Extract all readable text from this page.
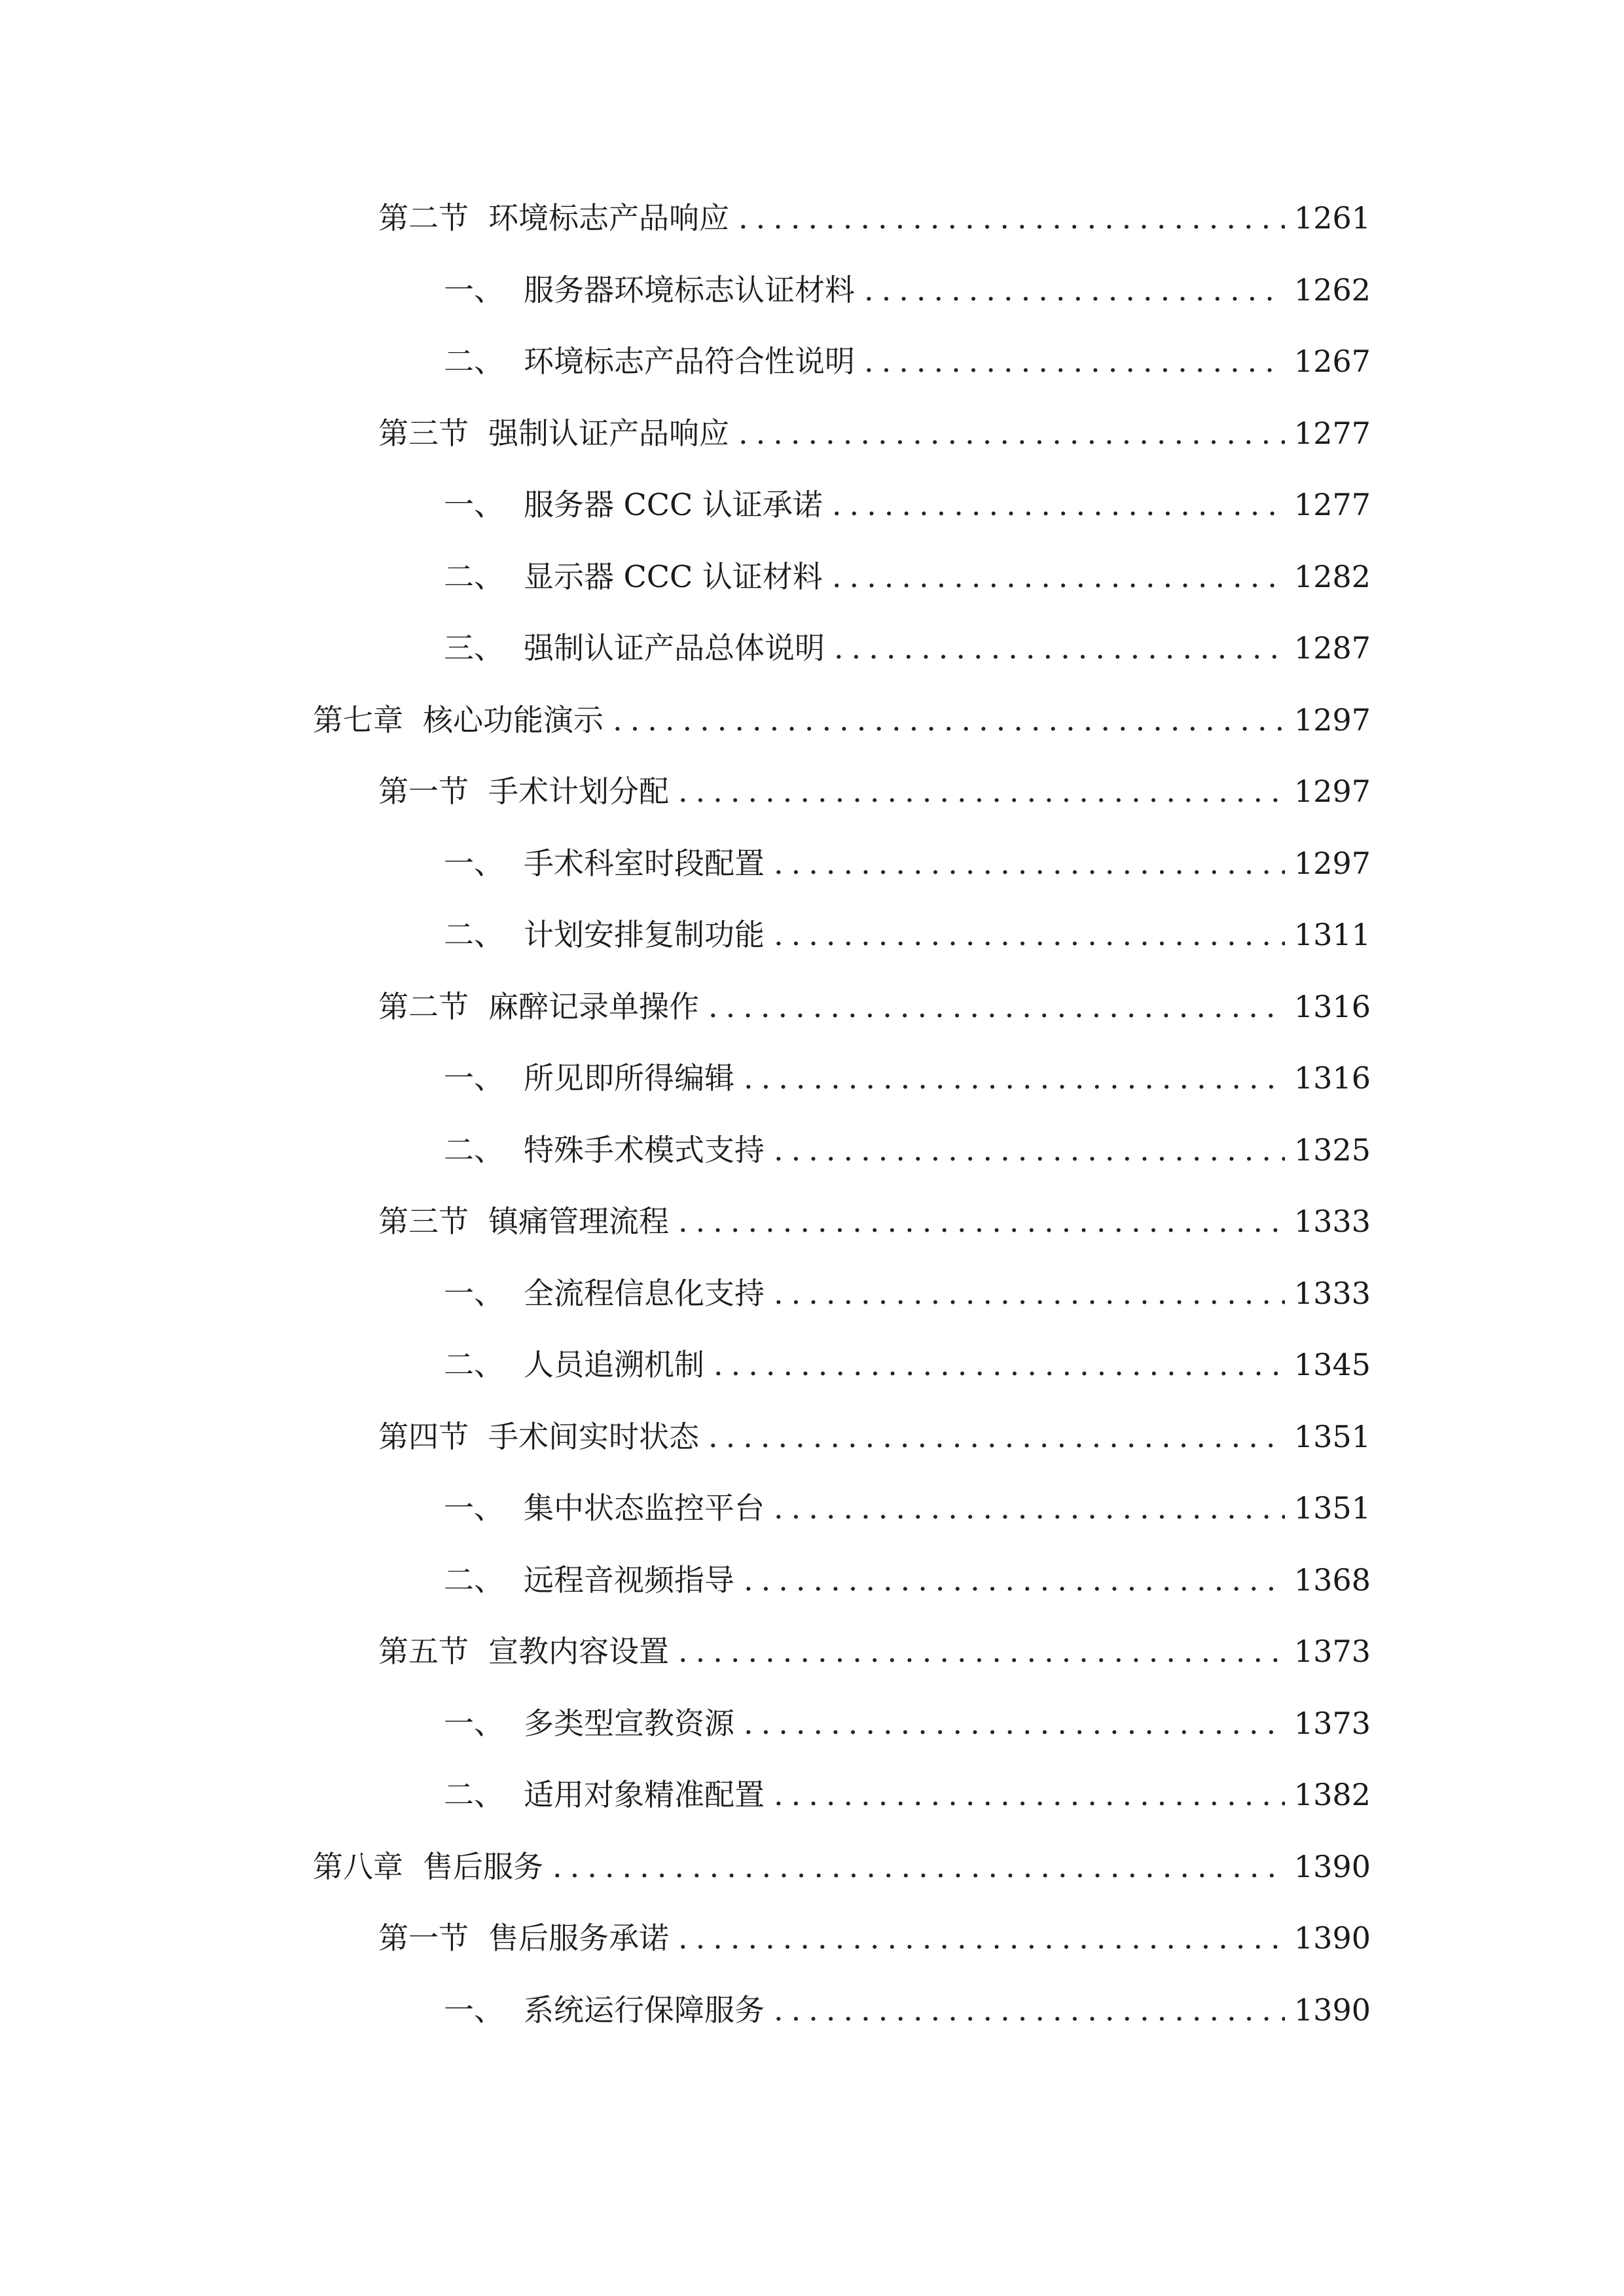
第二节 环境标志产品响应 .....	1261
一、 服务器环境标志认证材料 .....	1262
二、 环境标志产品符合性说明 .....	1267
第三节 强制认证产品响应 .....	1277
一、 服务器 CCC 认证承诺 .....	1277
二、 显示器 CCC 认证材料 .....	1282
三、 强制认证产品总体说明 .....	1287
第七章 核心功能演示 .....	1297
第一节 手术计划分配 .....	1297
一、 手术科室时段配置 .....	1297
二、 计划安排复制功能 .....	1311
第二节 麻醉记录单操作 .....	1316
一、 所见即所得编辑 .....	1316
二、 特殊手术模式支持 .....	1325
第三节 镇痛管理流程 .....	1333
一、 全流程信息化支持 .....	1333
二、 人员追溯机制 .....	1345
第四节 手术间实时状态 .....	1351
一、 集中状态监控平台 .....	1351
二、 远程音视频指导 .....	1368
第五节 宣教内容设置 .....	1373
一、 多类型宣教资源 .....	1373
二、 适用对象精准配置 .....	1382
第八章 售后服务 .....	1390
第一节 售后服务承诺 .....	1390
一、 系统运行保障服务 .....	1390
